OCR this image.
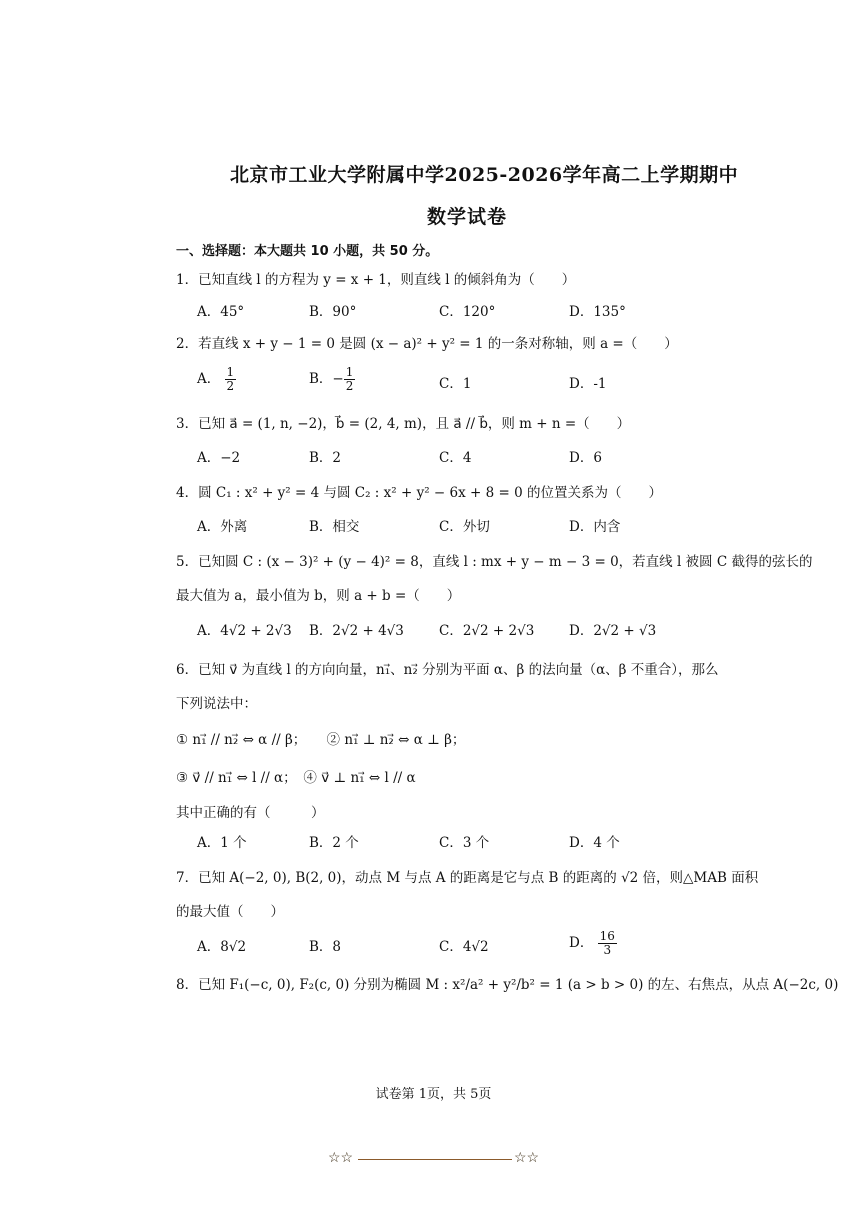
北京市工业大学附属中学2025-2026学年高二上学期期中
数学试卷
一、选择题：本大题共 10 小题，共 50 分。
1．已知直线 l 的方程为 y = x + 1，则直线 l 的倾斜角为（　　）
A．45°	B．90°	C．120°	D．135°
2．若直线 x + y − 1 = 0 是圆 (x − a)² + y² = 1 的一条对称轴，则 a =（　　）
A． $\frac{1}{2}$	B．− $\frac{1}{2}$	C．1	D．-1
3．已知 a⃗ = (1, n, −2)，b⃗ = (2, 4, m)，且 a⃗ // b⃗，则 m + n =（　　）
A．−2	B．2	C．4	D．6
4．圆 C₁ : x² + y² = 4 与圆 C₂ : x² + y² − 6x + 8 = 0 的位置关系为（　　）
A．外离	B．相交	C．外切	D．内含
5．已知圆 C : (x − 3)² + (y − 4)² = 8，直线 l : mx + y − m − 3 = 0，若直线 l 被圆 C 截得的弦长的
最大值为 a，最小值为 b，则 a + b =（　　）
A．4√2 + 2√3 B．2√2 + 4√3	C．2√2 + 2√3	D．2√2 + √3
6．已知 v⃗ 为直线 l 的方向向量，n₁⃗、n₂⃗ 分别为平面 α、β 的法向量（α、β 不重合），那么
下列说法中：
① n₁⃗ // n₂⃗ ⇔ α // β；　　② n₁⃗ ⊥ n₂⃗ ⇔ α ⊥ β；
③ v⃗ // n₁⃗ ⇔ l // α；　④ v⃗ ⊥ n₁⃗ ⇔ l // α
其中正确的有（　　　）
A．1 个	B．2 个	C．3 个	D．4 个
7．已知 A(−2, 0), B(2, 0)，动点 M 与点 A 的距离是它与点 B 的距离的 √2 倍，则△MAB 面积
的最大值（　　）
A．8√2	B．8	C．4√2	D． $\frac{16}{3}$
8．已知 F₁(−c, 0), F₂(c, 0) 分别为椭圆 M : x²/a² + y²/b² = 1 (a > b > 0) 的左、右焦点，从点 A(−2c, 0)
试卷第 1页，共 5页
☆☆	☆☆
